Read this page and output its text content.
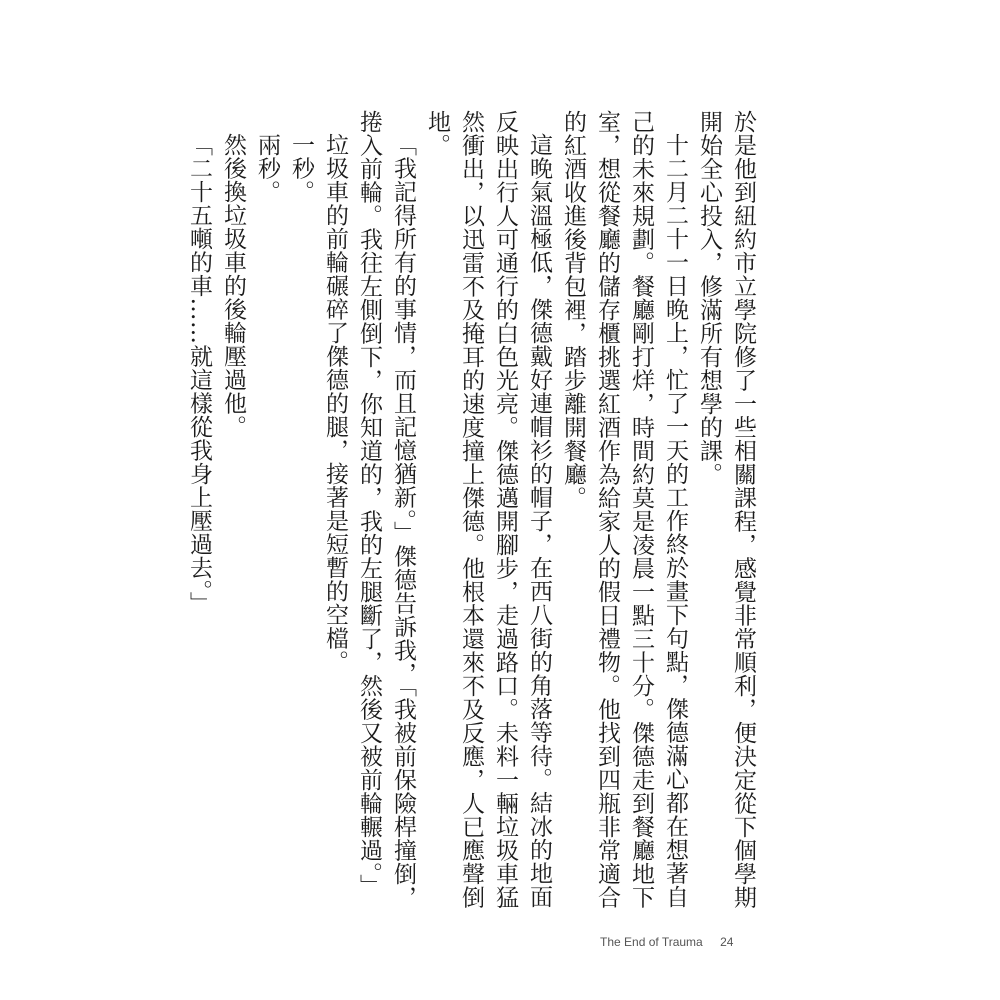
於是他到紐約市立學院修了一些相關課程，感覺非常順利，便決定從下個學期開始全心投入，修滿所有想學的課。

十二月二十一日晚上，忙了一天的工作終於畫下句點，傑德滿心都在想著自己的未來規劃。餐廳剛打烊，時間約莫是凌晨一點三十分。傑德走到餐廳地下室，想從餐廳的儲存櫃挑選紅酒作為給家人的假日禮物。他找到四瓶非常適合的紅酒收進後背包裡，踏步離開餐廳。

這晚氣溫極低，傑德戴好連帽衫的帽子，在西八街的角落等待。結冰的地面反映出行人可通行的白色光亮。傑德邁開腳步，走過路口。未料一輛垃圾車猛然衝出，以迅雷不及掩耳的速度撞上傑德。他根本還來不及反應，人已應聲倒地。

「我記得所有的事情，而且記憶猶新。」傑德告訴我，「我被前保險桿撞倒，捲入前輪。我往左側倒下，你知道的，我的左腿斷了，然後又被前輪輾過。」

垃圾車的前輪碾碎了傑德的腿，接著是短暫的空檔。

一秒。

兩秒。

然後換垃圾車的後輪壓過他。

「二十五噸的車……就這樣從我身上壓過去。」

The End of Trauma 24
